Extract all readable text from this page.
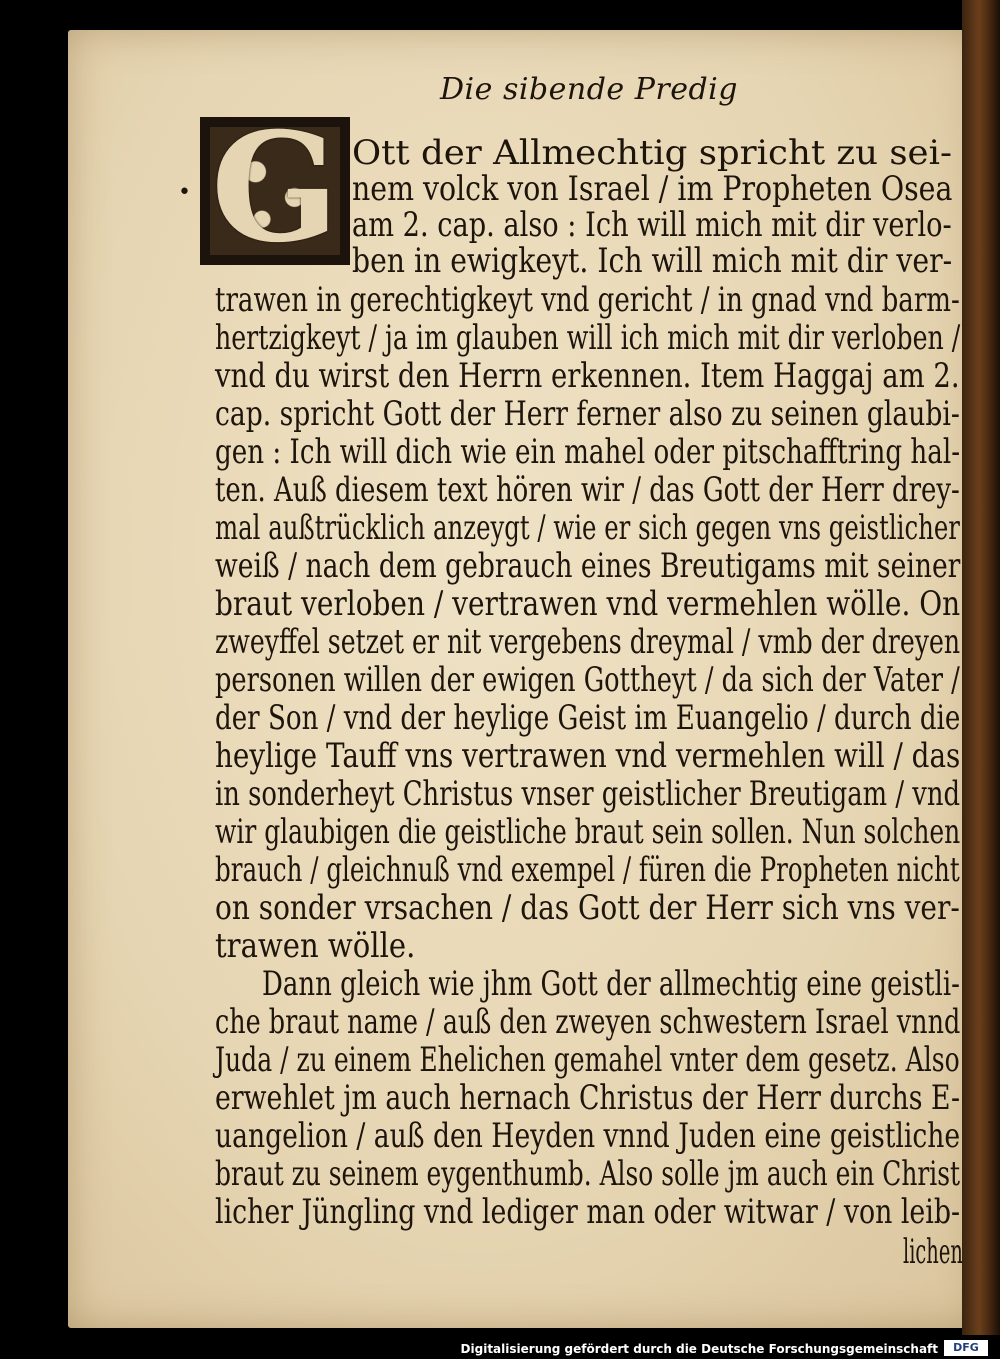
Die sibende Predig
G
•
Ott der Allmechtig spricht zu sei-
nem volck von Israel / im Propheten Osea
am 2. cap. also : Ich will mich mit dir verlo-
ben in ewigkeyt. Ich will mich mit dir ver-
trawen in gerechtigkeyt vnd gericht / in gnad vnd barm-
hertzigkeyt / ja im glauben will ich mich mit dir verloben /
vnd du wirst den Herrn erkennen. Item Haggaj am 2.
cap. spricht Gott der Herr ferner also zu seinen glaubi-
gen : Ich will dich wie ein mahel oder pitschafftring hal-
ten. Auß diesem text hören wir / das Gott der Herr drey-
mal außtrücklich anzeygt / wie er sich gegen vns geistlicher
weiß / nach dem gebrauch eines Breutigams mit seiner
braut verloben / vertrawen vnd vermehlen wölle. On
zweyffel setzet er nit vergebens dreymal / vmb der dreyen
personen willen der ewigen Gottheyt / da sich der Vater /
der Son / vnd der heylige Geist im Euangelio / durch die
heylige Tauff vns vertrawen vnd vermehlen will / das
in sonderheyt Christus vnser geistlicher Breutigam / vnd
wir glaubigen die geistliche braut sein sollen. Nun solchen
brauch / gleichnuß vnd exempel / füren die Propheten nicht
on sonder vrsachen / das Gott der Herr sich vns ver-
trawen wölle.
Dann gleich wie jhm Gott der allmechtig eine geistli-
che braut name / auß den zweyen schwestern Israel vnnd
Juda / zu einem Ehelichen gemahel vnter dem gesetz. Also
erwehlet jm auch hernach Christus der Herr durchs E-
uangelion / auß den Heyden vnnd Juden eine geistliche
braut zu seinem eygenthumb. Also solle jm auch ein Christ
licher Jüngling vnd lediger man oder witwar / von leib-
lichen
Digitalisierung gefördert durch die Deutsche Forschungsgemeinschaft	DFG
